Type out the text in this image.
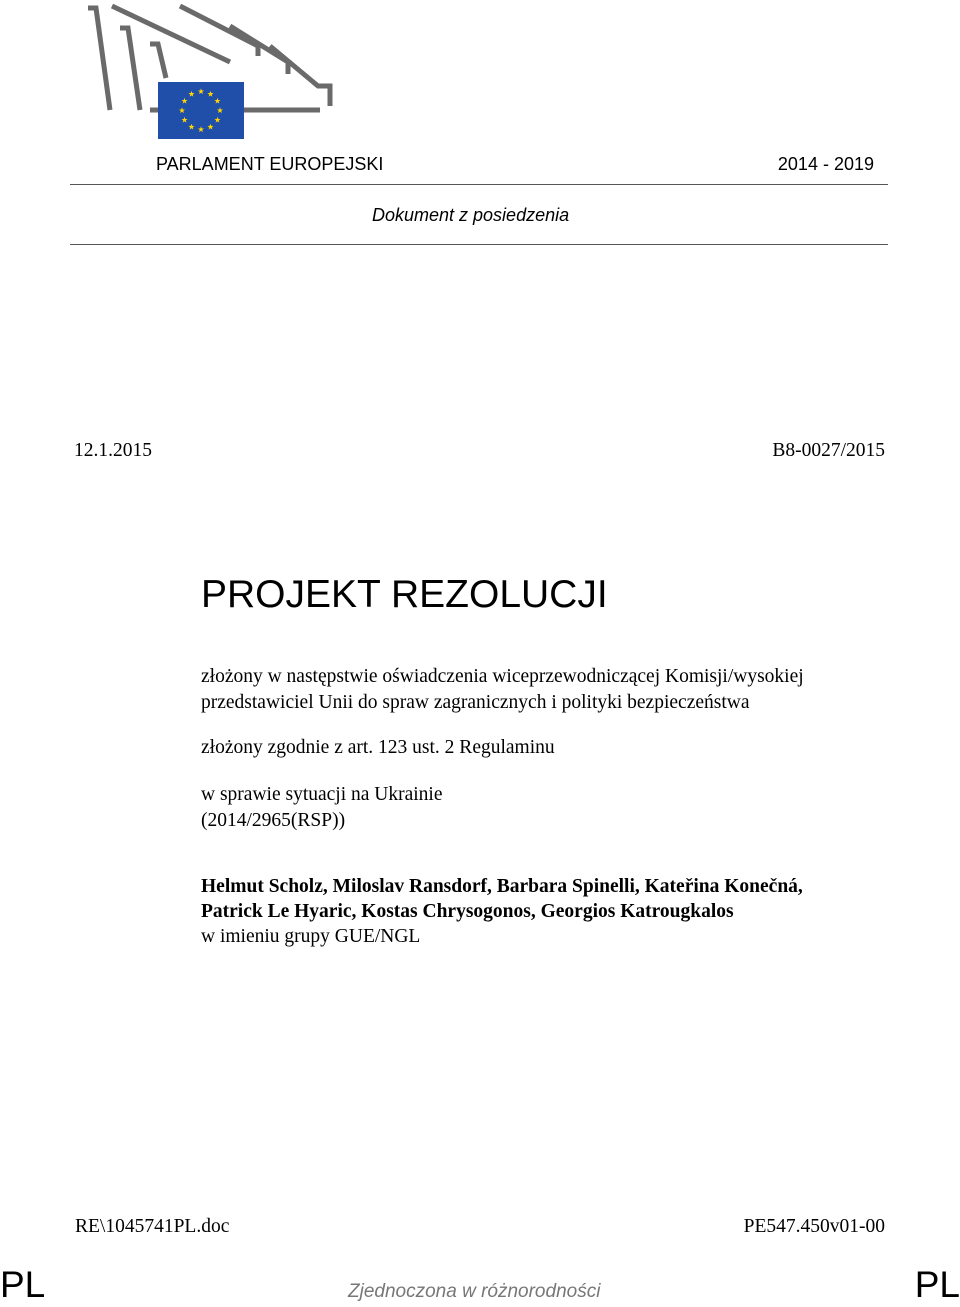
PARLAMENT EUROPEJSKI	2014 - 2019
Dokument z posiedzenia
12.1.2015	B8-0027/2015
PROJEKT REZOLUCJI
złożony w następstwie oświadczenia wiceprzewodniczącej Komisji/wysokiej
przedstawiciel Unii do spraw zagranicznych i polityki bezpieczeństwa
złożony zgodnie z art. 123 ust. 2 Regulaminu
w sprawie sytuacji na Ukrainie
(2014/2965(RSP))
Helmut Scholz, Miloslav Ransdorf, Barbara Spinelli, Kateřina Konečná,
Patrick Le Hyaric, Kostas Chrysogonos, Georgios Katrougkalos
w imieniu grupy GUE/NGL
RE\1045741PL.doc	PE547.450v01-00
PL	Zjednoczona w różnorodności	PL
